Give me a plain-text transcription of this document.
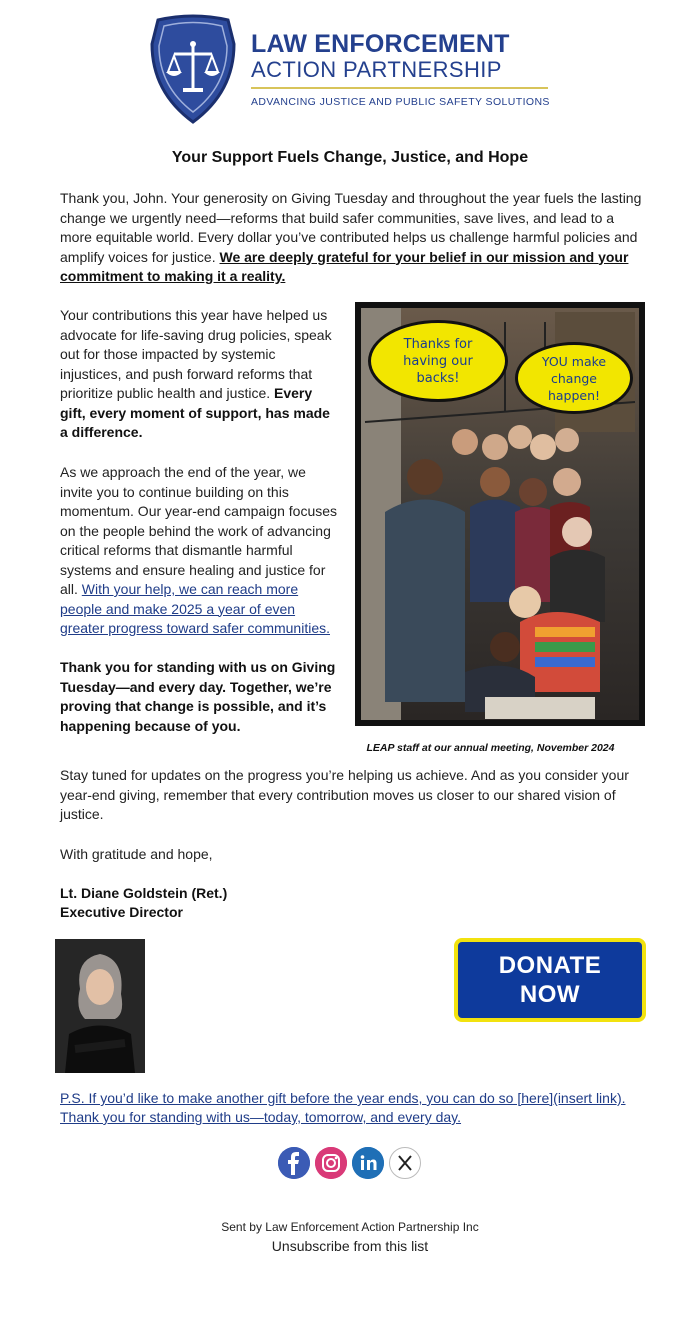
LAW ENFORCEMENT
ACTION PARTNERSHIP
ADVANCING JUSTICE AND PUBLIC SAFETY SOLUTIONS
Your Support Fuels Change, Justice, and Hope

Thank you, John. Your generosity on Giving Tuesday and throughout the year fuels the lasting change we urgently need—reforms that build safer communities, save lives, and lead to a more equitable world. Every dollar you’ve contributed helps us challenge harmful policies and amplify voices for justice. We are deeply grateful for your belief in our mission and your commitment to making it a reality.

Your contributions this year have helped us advocate for life-saving drug policies, speak out for those impacted by systemic injustices, and push forward reforms that prioritize public health and justice. Every gift, every moment of support, has made a difference.

As we approach the end of the year, we invite you to continue building on this momentum. Our year-end campaign focuses on the people behind the work of advancing critical reforms that dismantle harmful systems and ensure healing and justice for all. With your help, we can reach more people and make 2025 a year of even greater progress toward safer communities.

Thank you for standing with us on Giving Tuesday—and every day. Together, we’re proving that change is possible, and it’s happening because of you.

Thanks for having our backs!
YOU make change happen!
LEAP staff at our annual meeting, November 2024

Stay tuned for updates on the progress you’re helping us achieve. And as you consider your year-end giving, remember that every contribution moves us closer to our shared vision of justice.

With gratitude and hope,

Lt. Diane Goldstein (Ret.)

Executive Director

DONATE
NOW
P.S. If you’d like to make another gift before the year ends, you can do so [here](insert link).
Thank you for standing with us—today, tomorrow, and every day.
Sent by Law Enforcement Action Partnership Inc
Unsubscribe from this list
